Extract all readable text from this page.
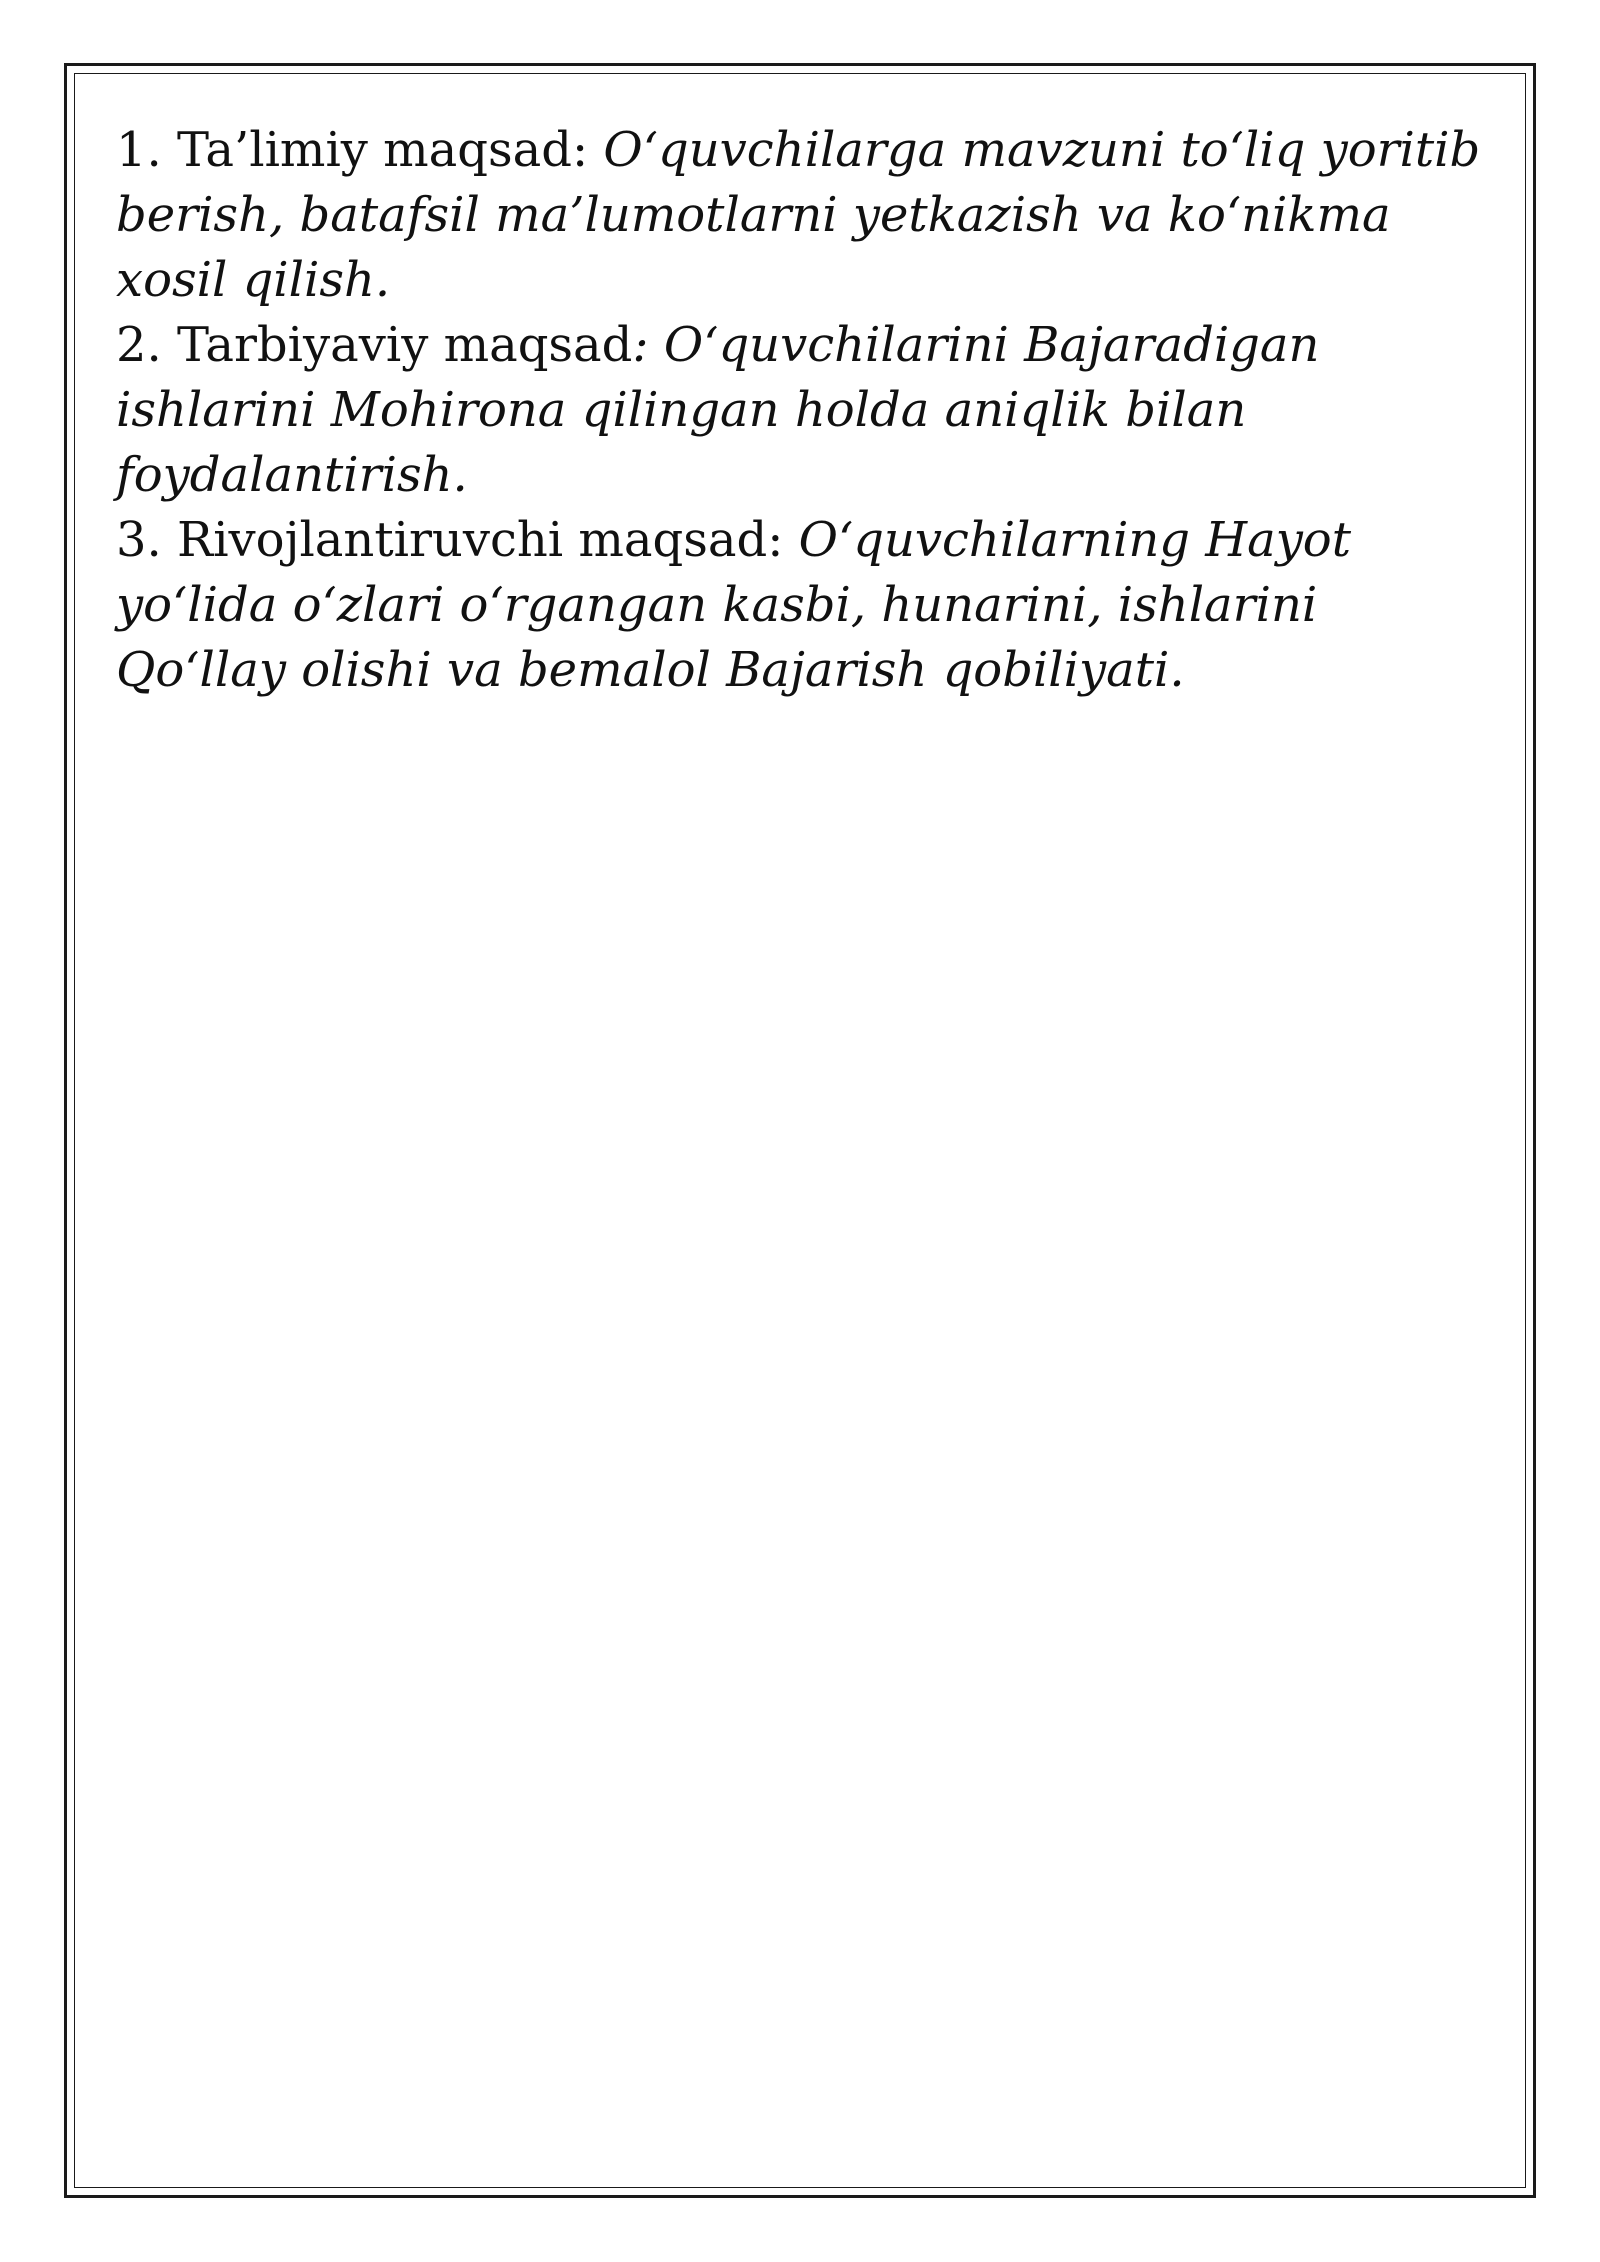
1. Ta’limiy maqsad: O‘quvchilarga mavzuni to‘liq yoritib berish, batafsil ma’lumotlarni yetkazish va ko‘nikma xosil qilish.

2. Tarbiyaviy maqsad: O‘quvchilarini Bajaradigan ishlarini Mohirona qilingan holda aniqlik bilan foydalantirish.

3. Rivojlantiruvchi maqsad: O‘quvchilarning Hayot yo‘lida o‘zlari o‘rgangan kasbi, hunarini, ishlarini Qo‘llay olishi va bemalol Bajarish qobiliyati.
